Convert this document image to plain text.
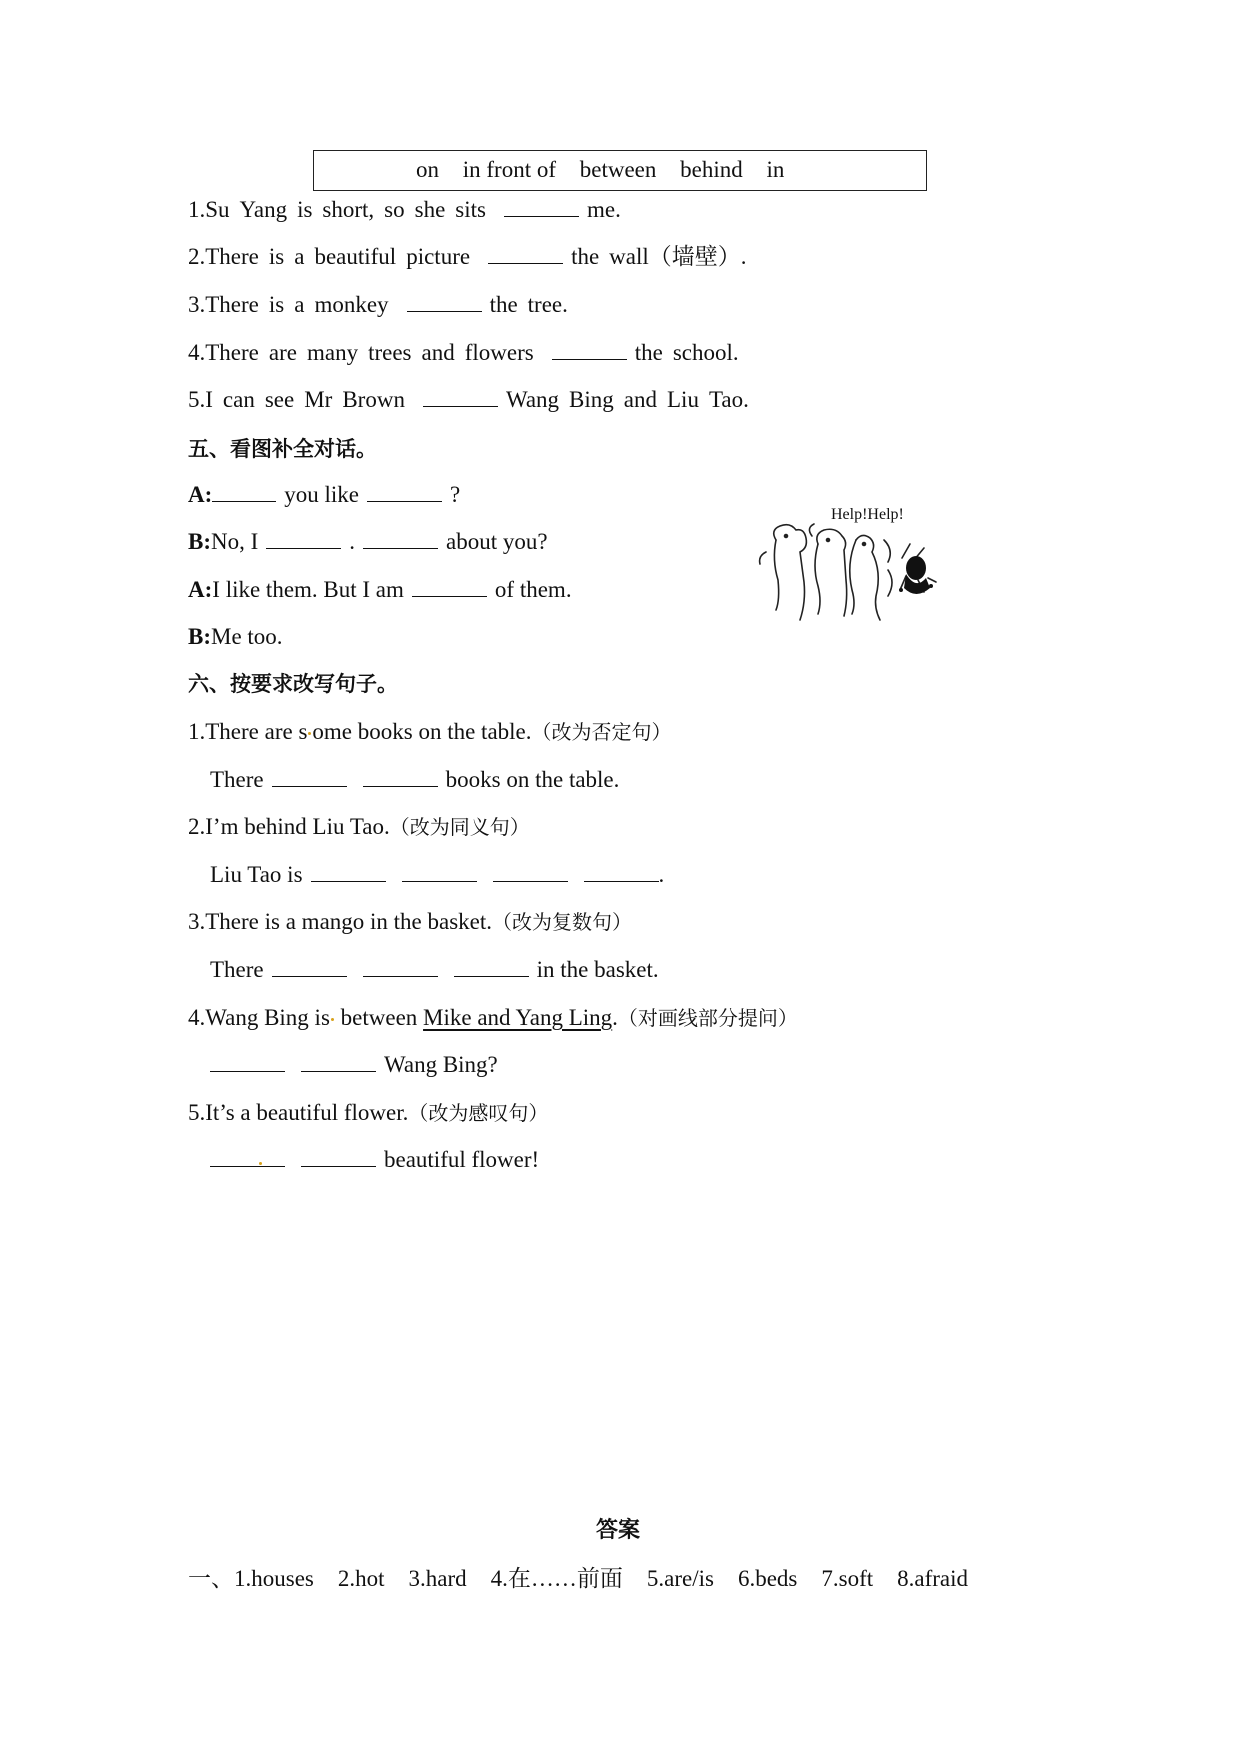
on in front of between behind in
1.Su Yang is short, so she sits	me.
2.There is a beautiful picture	the wall（墙壁）.
3.There is a monkey	the tree.
4.There are many trees and flowers	the school.
5.I can see Mr Brown	Wang Bing and Liu Tao.
五、看图补全对话。
A:	you like	?
B:No, I	.	about you?
A:I like them. But I am	of them.
B:Me too.
Help!Help!
六、按要求改写句子。
1.There are s ome books on the table.（改为否定句）
There	books on the table.
2.I’m behind Liu Tao.（改为同义句）
Liu Tao is	.
3.There is a mango in the basket.（改为复数句）
There	in the basket.
4.Wang Bing is between Mike and Yang Ling.（对画线部分提问）
Wang Bing?
5.It’s a beautiful flower.（改为感叹句）
beautiful flower!
答案
一、1.houses 2.hot 3.hard 4.在……前面 5.are/is 6.beds 7.soft 8.afraid
